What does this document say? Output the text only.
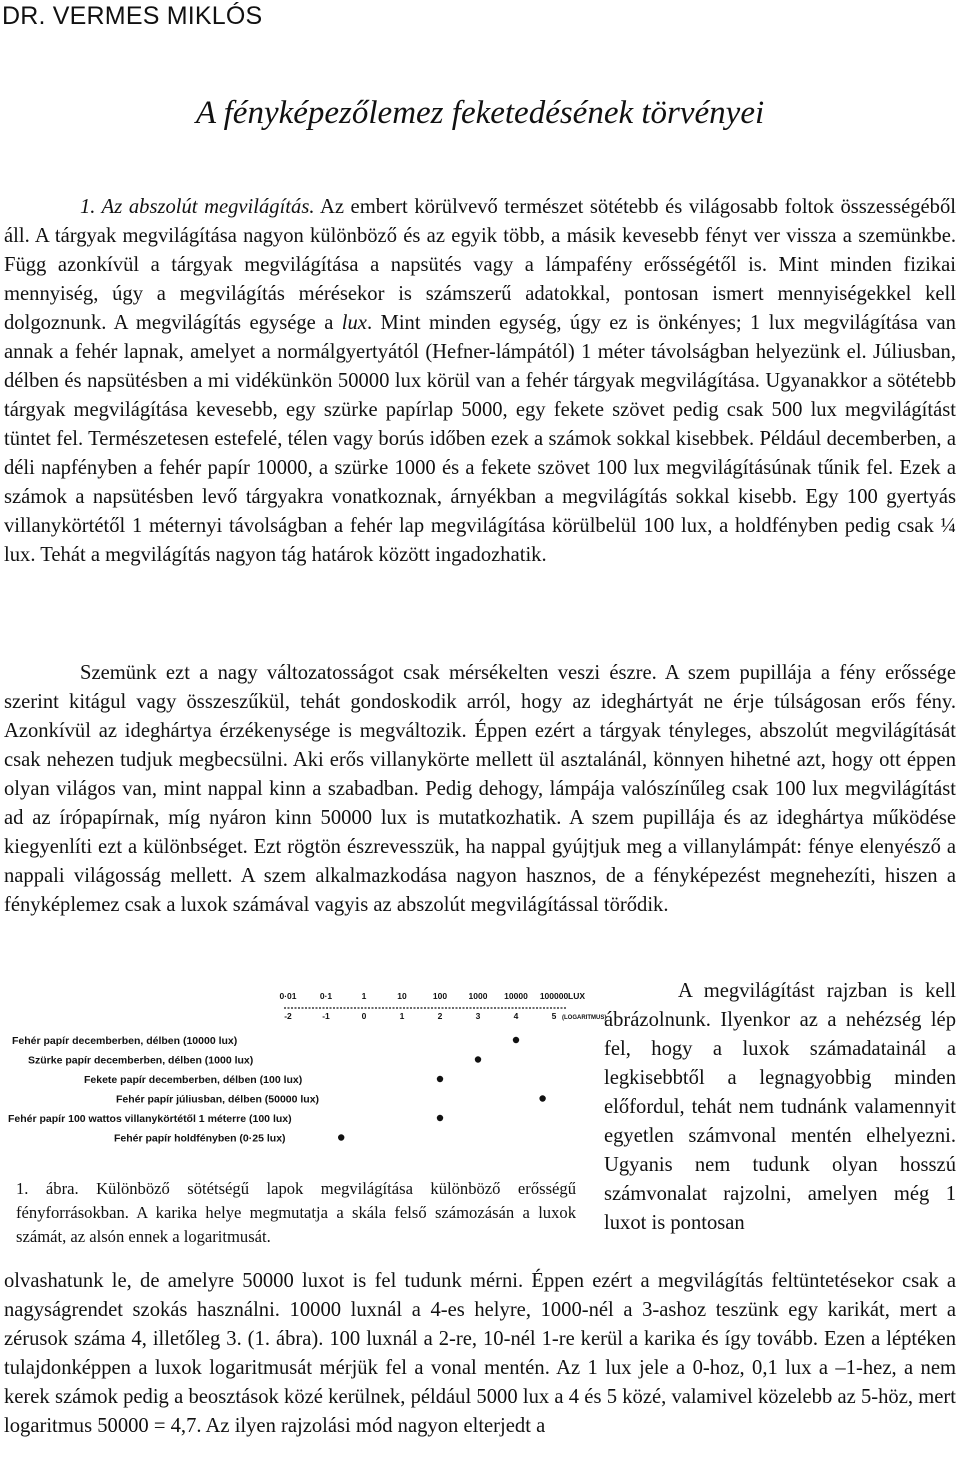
DR. VERMES MIKLÓS
A fényképezőlemez feketedésének törvényei

1. Az abszolút megvilágítás. Az embert körülvevő természet sötétebb és világosabb foltok összességéből áll. A tárgyak megvilágítása nagyon különböző és az egyik több, a másik kevesebb fényt ver vissza a szemünkbe. Függ azonkívül a tárgyak megvilágítása a napsütés vagy a lámpafény erősségétől is. Mint minden fizikai mennyiség, úgy a megvilágítás mérésekor is számszerű adatokkal, pontosan ismert mennyiségekkel kell dolgoznunk. A megvilágítás egysége a lux. Mint minden egység, úgy ez is önkényes; 1 lux megvilágítása van annak a fehér lapnak, amelyet a normálgyertyától (Hefner-lámpától) 1 méter távolságban helyezünk el. Júliusban, délben és napsütésben a mi vidékünkön 50000 lux körül van a fehér tárgyak megvilágítása. Ugyanakkor a sötétebb tárgyak megvilágítása kevesebb, egy szürke papírlap 5000, egy fekete szövet pedig csak 500 lux megvilágítást tüntet fel. Természetesen estefelé, télen vagy borús időben ezek a számok sokkal kisebbek. Például decemberben, a déli napfényben a fehér papír 10000, a szürke 1000 és a fekete szövet 100 lux megvilágításúnak tűnik fel. Ezek a számok a napsütésben levő tárgyakra vonatkoznak, árnyékban a megvilágítás sokkal kisebb. Egy 100 gyertyás villanykörtétől 1 méternyi távolságban a fehér lap megvilágítása körülbelül 100 lux, a holdfényben pedig csak ¼ lux. Tehát a megvilágítás nagyon tág határok között ingadozhatik.

Szemünk ezt a nagy változatosságot csak mérsékelten veszi észre. A szem pupillája a fény erőssége szerint kitágul vagy összeszűkül, tehát gondoskodik arról, hogy az ideghártyát ne érje túlságosan erős fény. Azonkívül az ideghártya érzékenysége is megváltozik. Éppen ezért a tárgyak tényleges, abszolút megvilágítását csak nehezen tudjuk megbecsülni. Aki erős villanykörte mellett ül asztalánál, könnyen hihetné azt, hogy ott éppen olyan világos van, mint nappal kinn a szabadban. Pedig dehogy, lámpája valószínűleg csak 100 lux megvilágítást ad az írópapírnak, míg nyáron kinn 50000 lux is mutatkozhatik. A szem pupillája és az ideghártya működése kiegyenlíti ezt a különbséget. Ezt rögtön észrevesszük, ha nappal gyújtjuk meg a villanylámpát: fénye elenyésző a nappali világosság mellett. A szem alkalmazkodása nagyon hasznos, de a fényképezést megnehezíti, hiszen a fényképlemez csak a luxok számával vagyis az abszolút megvilágítással törődik.

0·01	0·1	1	10	100	1000 10000 100000
-2	-1	0	1	2	3	4	5
LUX
(LOGARITMUS)
Fehér papír decemberben, délben (10000 lux)
Szürke papír decemberben, délben (1000 lux)
Fekete papír decemberben, délben (100 lux)
Fehér papír júliusban, délben (50000 lux)
Fehér papír 100 wattos villanykörtétől 1 méterre (100 lux)
Fehér papír holdfényben (0·25 lux)

1. ábra. Különböző sötétségű lapok megvilágítása különböző erősségű fényforrásokban. A karika helye megmutatja a skála felső számozásán a luxok számát, az alsón ennek a logaritmusát.

A megvilágítást rajzban is kell ábrázolnunk. Ilyenkor az a nehézség lép fel, hogy a luxok számadatainál a legkisebbtől a legnagyobbig minden előfordul, tehát nem tudnánk valamennyit egyetlen számvonal mentén elhelyezni. Ugyanis nem tudunk olyan hosszú számvonalat rajzolni, amelyen még 1 luxot is pontosan

olvashatunk le, de amelyre 50000 luxot is fel tudunk mérni. Éppen ezért a megvilágítás feltüntetésekor csak a nagyságrendet szokás használni. 10000 luxnál a 4-es helyre, 1000-nél a 3-ashoz teszünk egy karikát, mert a zérusok száma 4, illetőleg 3. (1. ábra). 100 luxnál a 2-re, 10-nél 1-re kerül a karika és így tovább. Ezen a léptéken tulajdonképpen a luxok logaritmusát mérjük fel a vonal mentén. Az 1 lux jele a 0-hoz, 0,1 lux a –1-hez, a nem kerek számok pedig a beosztások közé kerülnek, például 5000 lux a 4 és 5 közé, valamivel közelebb az 5-höz, mert logaritmus 50000 = 4,7. Az ilyen rajzolási mód nagyon elterjedt a
